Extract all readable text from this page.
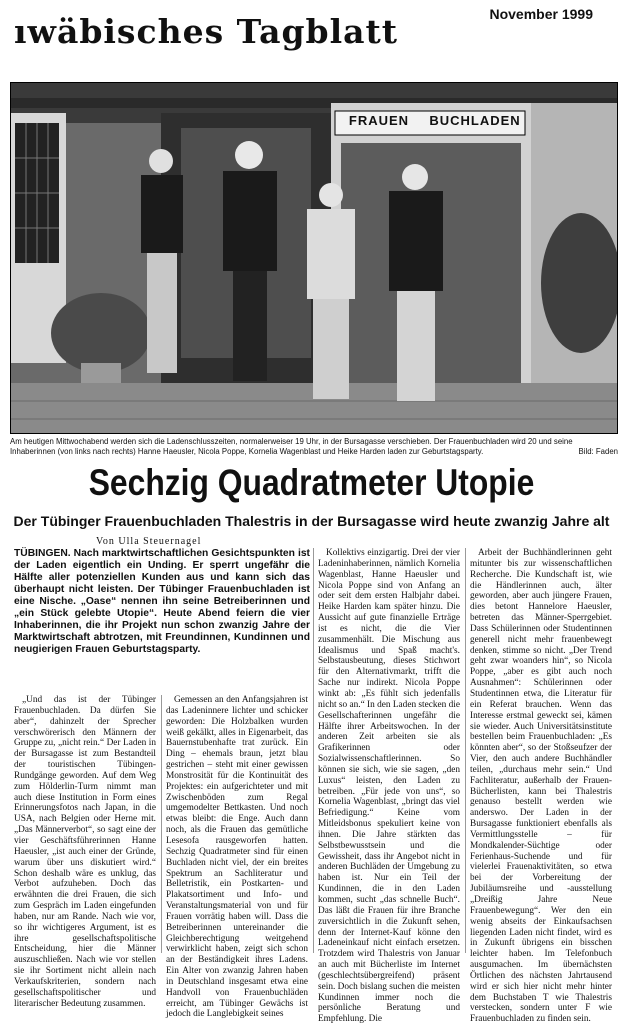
ıwäbisches Tagblatt	November 1999
FRAUEN	BUCHLADEN
Am heutigen Mittwochabend werden sich die Ladenschlusszeiten, normalerweiser 19 Uhr, in der Bursagasse verschieben. Der Frauenbuchladen wird 20 und seine Inhaberinnen (von links nach rechts) Hanne Haeusler, Nicola Poppe, Kornelia Wagenblast und Heike Harden laden zur Geburtstagsparty.	Bild: Faden
Sechzig Quadratmeter Utopie
Der Tübinger Frauenbuchladen Thalestris in der Bursagasse wird heute zwanzig Jahre alt
Von Ulla Steuernagel
TÜBINGEN. Nach marktwirtschaftlichen Gesichtspunkten ist der Laden eigentlich ein Unding. Er sperrt ungefähr die Hälfte aller potenziellen Kunden aus und kann sich das überhaupt nicht leisten. Der Tübinger Frauenbuchladen ist eine Nische. „Oase“ nennen ihn seine Betreiberinnen und „ein Stück gelebte Utopie“. Heute Abend feiern die vier Inhaberinnen, die ihr Projekt nun schon zwanzig Jahre der Marktwirtschaft abtrotzen, mit Freundinnen, Kundinnen und neugierigen Frauen Geburtstagsparty.

„Und das ist der Tübinger Frauenbuchladen. Da dürfen Sie aber“, dahinzelt der Sprecher verschwörerisch den Männern der Gruppe zu, „nicht rein.“ Der Laden in der Bursagasse ist zum Bestandteil der touristischen Tübingen-Rundgänge geworden. Auf dem Weg zum Hölderlin-Turm nimmt man auch diese Institution in Form eines Erinnerungsfotos nach Japan, in die USA, nach Belgien oder Herne mit. „Das Männerverbot“, so sagt eine der vier Geschäftsführerinnen Hanne Haeusler, „ist auch einer der Gründe, warum über uns diskutiert wird.“ Schon deshalb wäre es unklug, das Verbot aufzuheben. Doch das erwähnten die drei Frauen, die sich zum Gespräch im Laden eingefunden haben, nur am Rande. Nach wie vor, so ihr wichtigeres Argument, ist es ihre gesellschaftspolitische Entscheidung, hier die Männer auszuschließen. Nach wie vor stellen sie ihr Sortiment nicht allein nach Verkaufskriterien, sondern nach gesellschaftspolitischer und literarischer Bedeutung zusammen.

Gemessen an den Anfangsjahren ist das Ladeninnere lichter und schicker geworden: Die Holzbalken wurden weiß gekälkt, alles in Eigenarbeit, das Bauernstubenhafte trat zurück. Ein Ding – ehemals braun, jetzt blau gestrichen – steht mit einer gewissen Monstrosität für die Kontinuität des Projektes: ein aufgerichteter und mit Zwischenböden zum Regal umgemodelter Bettkasten. Und noch etwas bleibt: die Enge. Auch dann noch, als die Frauen das gemütliche Lesesofa rausgeworfen hatten. Sechzig Quadratmeter sind für einen Buchladen nicht viel, der ein breites Spektrum an Sachliteratur und Belletristik, ein Postkarten- und Plakatsortiment und Info- und Veranstaltungsmaterial von und für Frauen vorrätig haben will. Dass die Betreiberinnen untereinander die Gleichberechtigung weitgehend verwirklicht haben, zeigt sich schon an der Beständigkeit ihres Ladens. Ein Alter von zwanzig Jahren haben in Deutschland insgesamt etwa eine Handvoll von Frauenbuchläden erreicht, am Tübinger Gewächs ist jedoch die Langlebigkeit seines

Kollektivs einzigartig. Drei der vier Ladeninhaberinnen, nämlich Kornelia Wagenblast, Hanne Haeusler und Nicola Poppe sind von Anfang an oder seit dem ersten Halbjahr dabei. Heike Harden kam später hinzu. Die Aussicht auf gute finanzielle Erträge ist es nicht, die die Vier zusammenhält. Die Mischung aus Idealismus und Spaß macht's. Selbstausbeutung, dieses Stichwort für den Alternativmarkt, trifft die Sache nur indirekt. Nicola Poppe winkt ab: „Es fühlt sich jedenfalls nicht so an.“ In den Laden stecken die Gesellschafterinnen ungefähr die Hälfte ihrer Arbeitswochen. In der anderen Zeit arbeiten sie als Grafikerinnen oder Sozialwissenschaftlerinnen. So können sie sich, wie sie sagen, „den Luxus“ leisten, den Laden zu betreiben. „Für jede von uns“, so Kornelia Wagenblast, „bringt das viel Befriedigung.“ Keine vom Mitleidsbonus spekuliert keine von ihnen. Die Jahre stärkten das Selbstbewusstsein und die Gewissheit, dass ihr Angebot nicht in anderen Buchläden der Umgebung zu haben ist. Nur ein Teil der Kundinnen, die in den Laden kommen, sucht „das schnelle Buch“. Das läßt die Frauen für ihre Branche zuversichtlich in die Zukunft sehen, denn der Internet-Kauf könne den Ladeneinkauf nicht einfach ersetzen. Trotzdem wird Thalestris von Januar an auch mit Bücherliste im Internet (geschlechtsübergreifend) präsent sein. Doch bislang suchen die meisten Kundinnen immer noch die persönliche Beratung und Empfehlung. Die

Arbeit der Buchhändlerinnen geht mitunter bis zur wissenschaftlichen Recherche. Die Kundschaft ist, wie die Händlerinnen auch, älter geworden, aber auch jüngere Frauen, dies betont Hannelore Haeusler, betreten das Männer-Sperrgebiet. Dass Schülerinnen oder Studentinnen generell nicht mehr frauenbewegt denken, stimme so nicht. „Der Trend geht zwar woanders hin“, so Nicola Poppe, „aber es gibt auch noch Ausnahmen“: Schülerinnen oder Studentinnen etwa, die Literatur für ein Referat brauchen. Wenn das Interesse erstmal geweckt sei, kämen sie wieder. Auch Universitätsinstitute bestellen beim Frauenbuchladen: „Es könnten aber“, so der Stoßseufzer der Vier, den auch andere Buchhändler teilen, „durchaus mehr sein.“ Und Fachliteratur, außerhalb der Frauen-Bücherlisten, kann bei Thalestris genauso bestellt werden wie anderswo. Der Laden in der Bursagasse funktioniert ebenfalls als Vermittlungsstelle – für Mondkalender-Süchtige oder Ferienhaus-Suchende und für vielerlei Frauenaktivitäten, so etwa bei der Vorbereitung der Jubiläumsreihe und -ausstellung „Dreißig Jahre Neue Frauenbewegung“. Wer den ein wenig abseits der Einkaufsachsen liegenden Laden nicht findet, wird es in Zukunft übrigens ein bisschen leichter haben. Im Telefonbuch ausgumachen. Im übernächsten Örtlichen des nächsten Jahrtausend wird er sich hier nicht mehr hinter dem Buchstaben T wie Thalestris verstecken, sondern unter F wie Frauenbuchladen zu finden sein.
